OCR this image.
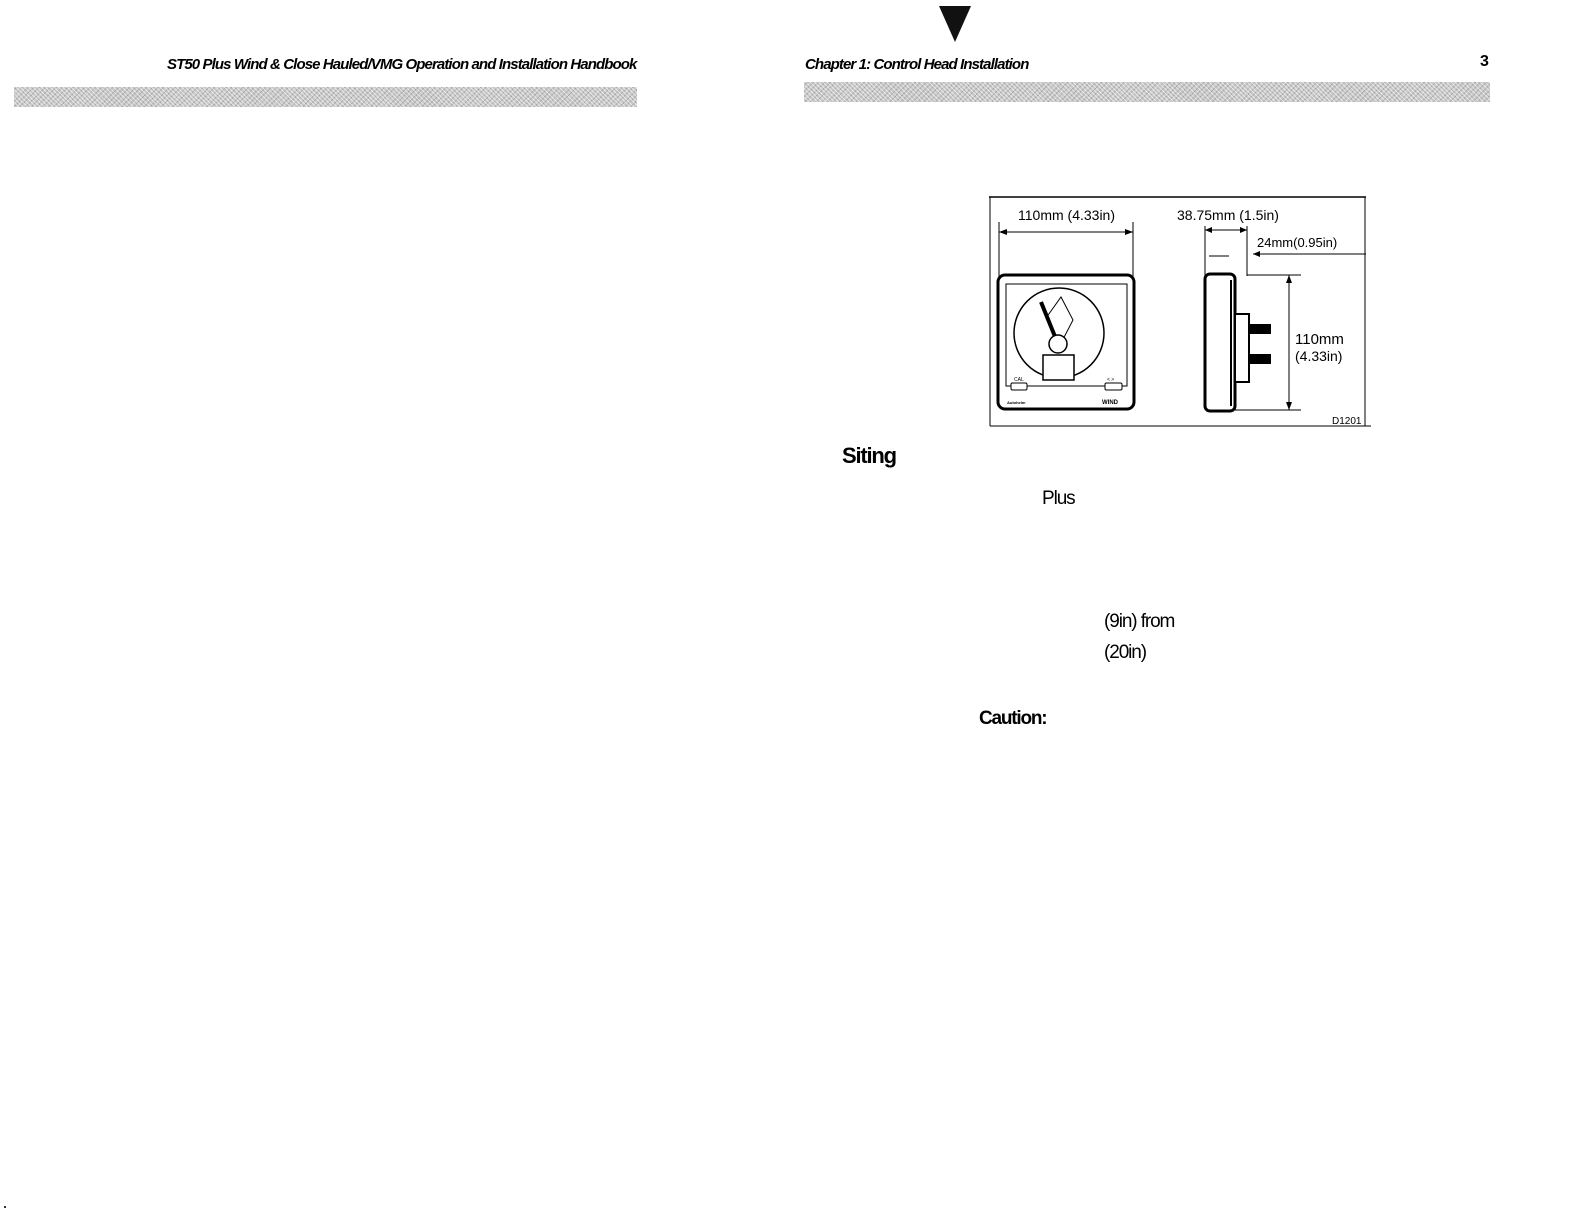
ST50 Plus Wind & Close Hauled/VMG Operation and Installation Handbook	Chapter 1: Control Head Installation	3
110mm (4.33in)
CAL	< >
Autohelm	WIND
38.75mm (1.5in)
24mm(0.95in)
110mm
(4.33in)
D1201
Siting
Plus
(9in) from
(20in)
Caution:
